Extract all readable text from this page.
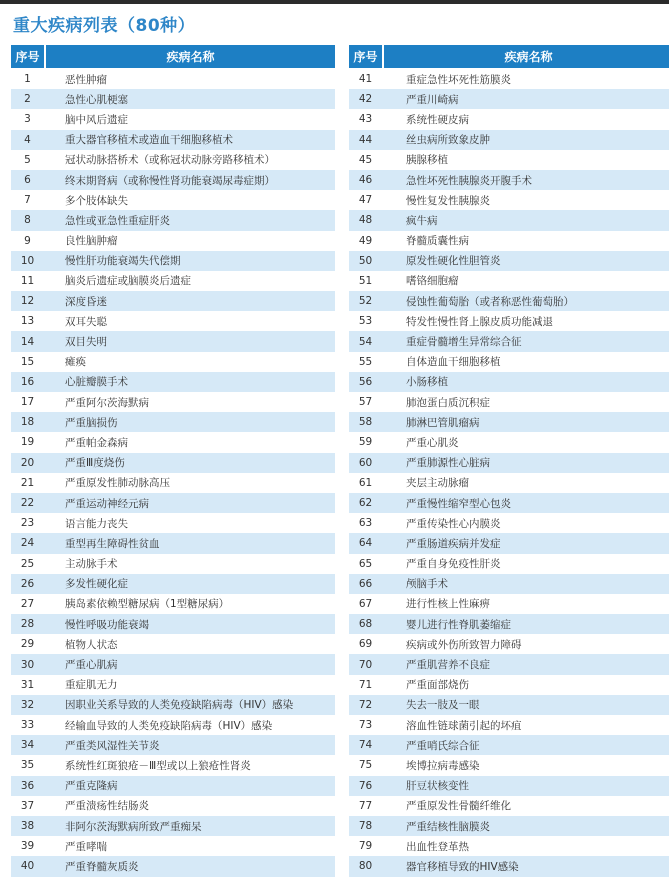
重大疾病列表（80种）
序号	疾病名称
1	恶性肿瘤
2	急性心肌梗塞
3	脑中风后遗症
4	重大器官移植术或造血干细胞移植术
5	冠状动脉搭桥术（或称冠状动脉旁路移植术）
6	终末期肾病（或称慢性肾功能衰竭尿毒症期）
7	多个肢体缺失
8	急性或亚急性重症肝炎
9	良性脑肿瘤
10	慢性肝功能衰竭失代偿期
11	脑炎后遗症或脑膜炎后遗症
12	深度昏迷
13	双耳失聪
14	双目失明
15	瘫痪
16	心脏瓣膜手术
17	严重阿尔茨海默病
18	严重脑损伤
19	严重帕金森病
20	严重Ⅲ度烧伤
21	严重原发性肺动脉高压
22	严重运动神经元病
23	语言能力丧失
24	重型再生障碍性贫血
25	主动脉手术
26	多发性硬化症
27	胰岛素依赖型糖尿病（1型糖尿病）
28	慢性呼吸功能衰竭
29	植物人状态
30	严重心肌病
31	重症肌无力
32	因职业关系导致的人类免疫缺陷病毒（HIV）感染
33	经输血导致的人类免疫缺陷病毒（HIV）感染
34	严重类风湿性关节炎
35	系统性红斑狼疮－Ⅲ型或以上狼疮性肾炎
36	严重克隆病
37	严重溃疡性结肠炎
38	非阿尔茨海默病所致严重痴呆
39	严重哮喘
40	严重脊髓灰质炎
序号	疾病名称
41	重症急性坏死性筋膜炎
42	严重川崎病
43	系统性硬皮病
44	丝虫病所致象皮肿
45	胰腺移植
46	急性坏死性胰腺炎开腹手术
47	慢性复发性胰腺炎
48	疯牛病
49	脊髓质囊性病
50	原发性硬化性胆管炎
51	嗜铬细胞瘤
52	侵蚀性葡萄胎（或者称恶性葡萄胎）
53	特发性慢性肾上腺皮质功能减退
54	重症骨髓增生异常综合征
55	自体造血干细胞移植
56	小肠移植
57	肺泡蛋白质沉积症
58	肺淋巴管肌瘤病
59	严重心肌炎
60	严重肺源性心脏病
61	夹层主动脉瘤
62	严重慢性缩窄型心包炎
63	严重传染性心内膜炎
64	严重肠道疾病并发症
65	严重自身免疫性肝炎
66	颅脑手术
67	进行性核上性麻痹
68	婴儿进行性脊肌萎缩症
69	疾病或外伤所致智力障碍
70	严重肌营养不良症
71	严重面部烧伤
72	失去一肢及一眼
73	溶血性链球菌引起的坏疽
74	严重哨氏综合征
75	埃博拉病毒感染
76	肝豆状核变性
77	严重原发性骨髓纤维化
78	严重结核性脑膜炎
79	出血性登革热
80	器官移植导致的HIV感染
